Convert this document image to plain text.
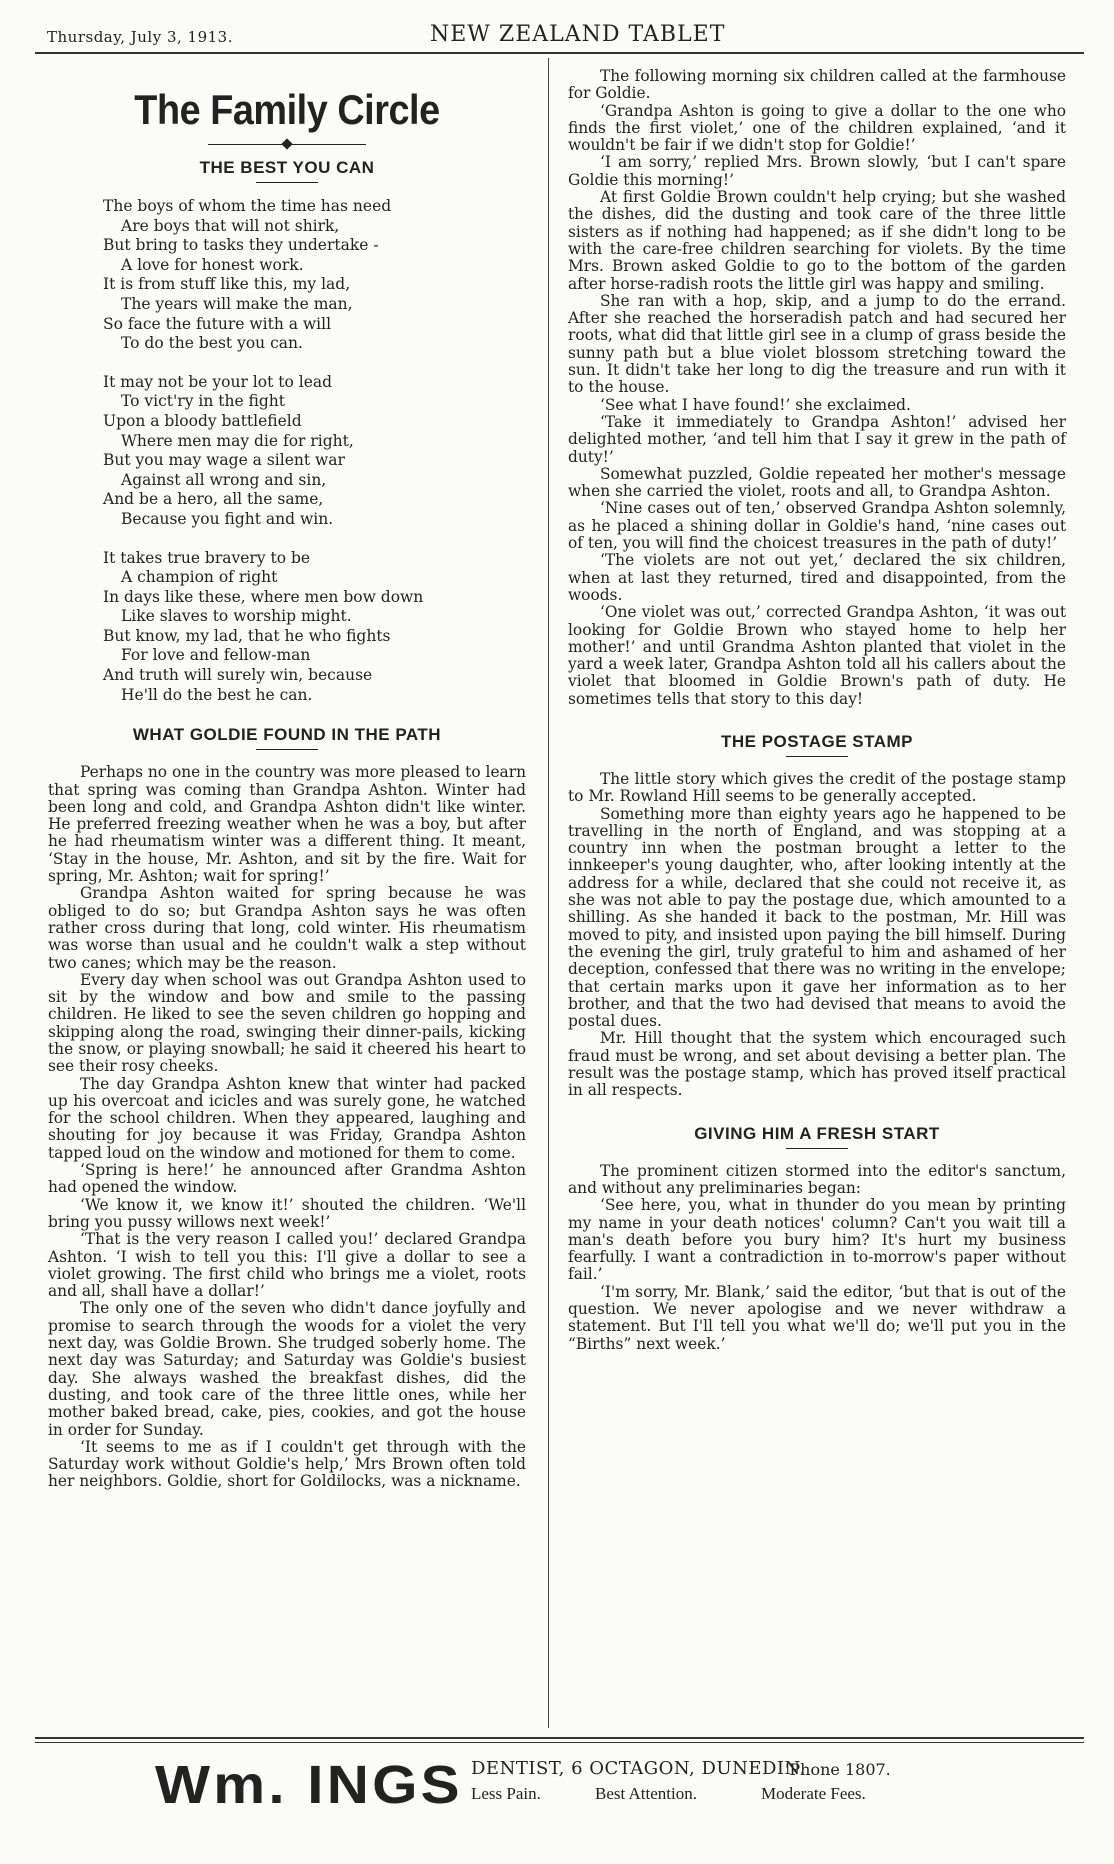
Thursday, July 3, 1913.	NEW ZEALAND TABLET
The Family Circle
THE BEST YOU CAN
The boys of whom the time has need
Are boys that will not shirk,
But bring to tasks they undertake -
A love for honest work.
It is from stuff like this, my lad,
The years will make the man,
So face the future with a will
To do the best you can.
It may not be your lot to lead
To vict'ry in the fight
Upon a bloody battlefield
Where men may die for right,
But you may wage a silent war
Against all wrong and sin,
And be a hero, all the same,
Because you fight and win.
It takes true bravery to be
A champion of right
In days like these, where men bow down
Like slaves to worship might.
But know, my lad, that he who fights
For love and fellow-man
And truth will surely win, because
He'll do the best he can.
WHAT GOLDIE FOUND IN THE PATH

Perhaps no one in the country was more pleased to learn that spring was coming than Grandpa Ashton. Winter had been long and cold, and Grandpa Ashton didn't like winter. He preferred freezing weather when he was a boy, but after he had rheumatism winter was a different thing. It meant, ‘Stay in the house, Mr. Ashton, and sit by the fire. Wait for spring, Mr. Ashton; wait for spring!’

Grandpa Ashton waited for spring because he was obliged to do so; but Grandpa Ashton says he was often rather cross during that long, cold winter. His rheumatism was worse than usual and he couldn't walk a step without two canes; which may be the reason.

Every day when school was out Grandpa Ashton used to sit by the window and bow and smile to the passing children. He liked to see the seven children go hopping and skipping along the road, swinging their dinner-pails, kicking the snow, or playing snowball; he said it cheered his heart to see their rosy cheeks.

The day Grandpa Ashton knew that winter had packed up his overcoat and icicles and was surely gone, he watched for the school children. When they appeared, laughing and shouting for joy because it was Friday, Grandpa Ashton tapped loud on the window and motioned for them to come.

‘Spring is here!’ he announced after Grandma Ashton had opened the window.

‘We know it, we know it!’ shouted the children. ‘We'll bring you pussy willows next week!’

‘That is the very reason I called you!’ declared Grandpa Ashton. ‘I wish to tell you this: I'll give a dollar to see a violet growing. The first child who brings me a violet, roots and all, shall have a dollar!’

The only one of the seven who didn't dance joyfully and promise to search through the woods for a violet the very next day, was Goldie Brown. She trudged soberly home. The next day was Saturday; and Saturday was Goldie's busiest day. She always washed the breakfast dishes, did the dusting, and took care of the three little ones, while her mother baked bread, cake, pies, cookies, and got the house in order for Sunday.

‘It seems to me as if I couldn't get through with the Saturday work without Goldie's help,’ Mrs Brown often told her neighbors. Goldie, short for Goldilocks, was a nickname.

The following morning six children called at the farmhouse for Goldie.

‘Grandpa Ashton is going to give a dollar to the one who finds the first violet,’ one of the children explained, ‘and it wouldn't be fair if we didn't stop for Goldie!’

‘I am sorry,’ replied Mrs. Brown slowly, ‘but I can't spare Goldie this morning!’

At first Goldie Brown couldn't help crying; but she washed the dishes, did the dusting and took care of the three little sisters as if nothing had happened; as if she didn't long to be with the care-free children searching for violets. By the time Mrs. Brown asked Goldie to go to the bottom of the garden after horse-radish roots the little girl was happy and smiling.

She ran with a hop, skip, and a jump to do the errand. After she reached the horseradish patch and had secured her roots, what did that little girl see in a clump of grass beside the sunny path but a blue violet blossom stretching toward the sun. It didn't take her long to dig the treasure and run with it to the house.

‘See what I have found!’ she exclaimed.

‘Take it immediately to Grandpa Ashton!’ advised her delighted mother, ‘and tell him that I say it grew in the path of duty!’

Somewhat puzzled, Goldie repeated her mother's message when she carried the violet, roots and all, to Grandpa Ashton.

‘Nine cases out of ten,’ observed Grandpa Ashton solemnly, as he placed a shining dollar in Goldie's hand, ‘nine cases out of ten, you will find the choicest treasures in the path of duty!’

‘The violets are not out yet,’ declared the six children, when at last they returned, tired and disappointed, from the woods.

‘One violet was out,’ corrected Grandpa Ashton, ‘it was out looking for Goldie Brown who stayed home to help her mother!’ and until Grandma Ashton planted that violet in the yard a week later, Grandpa Ashton told all his callers about the violet that bloomed in Goldie Brown's path of duty. He sometimes tells that story to this day!

THE POSTAGE STAMP

The little story which gives the credit of the postage stamp to Mr. Rowland Hill seems to be generally accepted.

Something more than eighty years ago he happened to be travelling in the north of England, and was stopping at a country inn when the postman brought a letter to the innkeeper's young daughter, who, after looking intently at the address for a while, declared that she could not receive it, as she was not able to pay the postage due, which amounted to a shilling. As she handed it back to the postman, Mr. Hill was moved to pity, and insisted upon paying the bill himself. During the evening the girl, truly grateful to him and ashamed of her deception, confessed that there was no writing in the envelope; that certain marks upon it gave her information as to her brother, and that the two had devised that means to avoid the postal dues.

Mr. Hill thought that the system which encouraged such fraud must be wrong, and set about devising a better plan. The result was the postage stamp, which has proved itself practical in all respects.

GIVING HIM A FRESH START

The prominent citizen stormed into the editor's sanctum, and without any preliminaries began:

‘See here, you, what in thunder do you mean by printing my name in your death notices' column? Can't you wait till a man's death before you bury him? It's hurt my business fearfully. I want a contradiction in to-morrow's paper without fail.’

‘I'm sorry, Mr. Blank,’ said the editor, ‘but that is out of the question. We never apologise and we never withdraw a statement. But I'll tell you what we'll do; we'll put you in the “Births” next week.’

Wm. INGS DENTIST, 6 OCTAGON, DUNEDIN.
'Phone 1807.
Less Pain.	Best Attention.	Moderate Fees.
